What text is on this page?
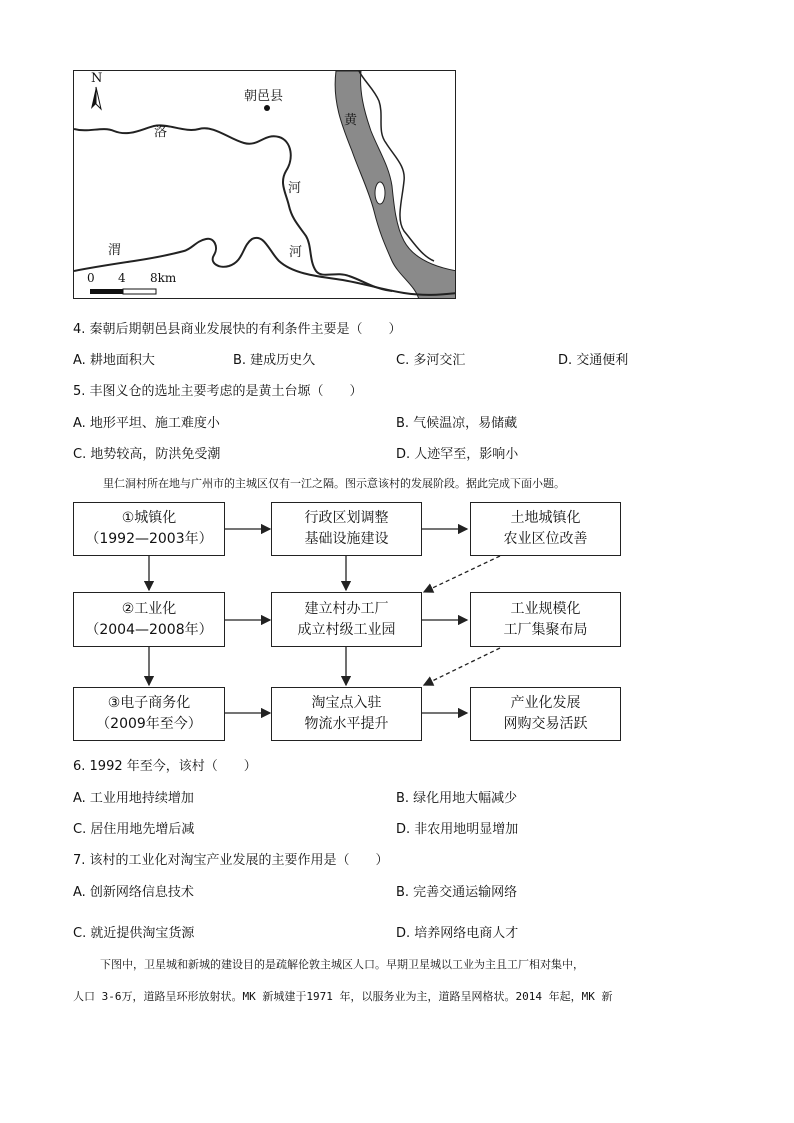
N
朝邑县
洛
河
河
渭
黄
河
0 4 8km
4. 秦朝后期朝邑县商业发展快的有利条件主要是（　　）
A. 耕地面积大	B. 建成历史久	C. 多河交汇	D. 交通便利
5. 丰图义仓的选址主要考虑的是黄土台塬（　　）
A. 地形平坦、施工难度小	B. 气候温凉，易储藏
C. 地势较高，防洪免受潮	D. 人迹罕至，影响小
里仁洞村所在地与广州市的主城区仅有一江之隔。图示意该村的发展阶段。据此完成下面小题。
①城镇化
（1992—2003年）
行政区划调整
基础设施建设
土地城镇化
农业区位改善
②工业化
（2004—2008年）
建立村办工厂
成立村级工业园
工业规模化
工厂集聚布局
③电子商务化
（2009年至今）
淘宝点入驻
物流水平提升
产业化发展
网购交易活跃
6. 1992 年至今，该村（　　）
A. 工业用地持续增加	B. 绿化用地大幅减少
C. 居住用地先增后减	D. 非农用地明显增加
7. 该村的工业化对淘宝产业发展的主要作用是（　　）
A. 创新网络信息技术	B. 完善交通运输网络
C. 就近提供淘宝货源	D. 培养网络电商人才
下图中，卫星城和新城的建设目的是疏解伦敦主城区人口。早期卫星城以工业为主且工厂相对集中，
人口 3-6万，道路呈环形放射状。MK 新城建于1971 年，以服务业为主，道路呈网格状。2014 年起，MK 新
